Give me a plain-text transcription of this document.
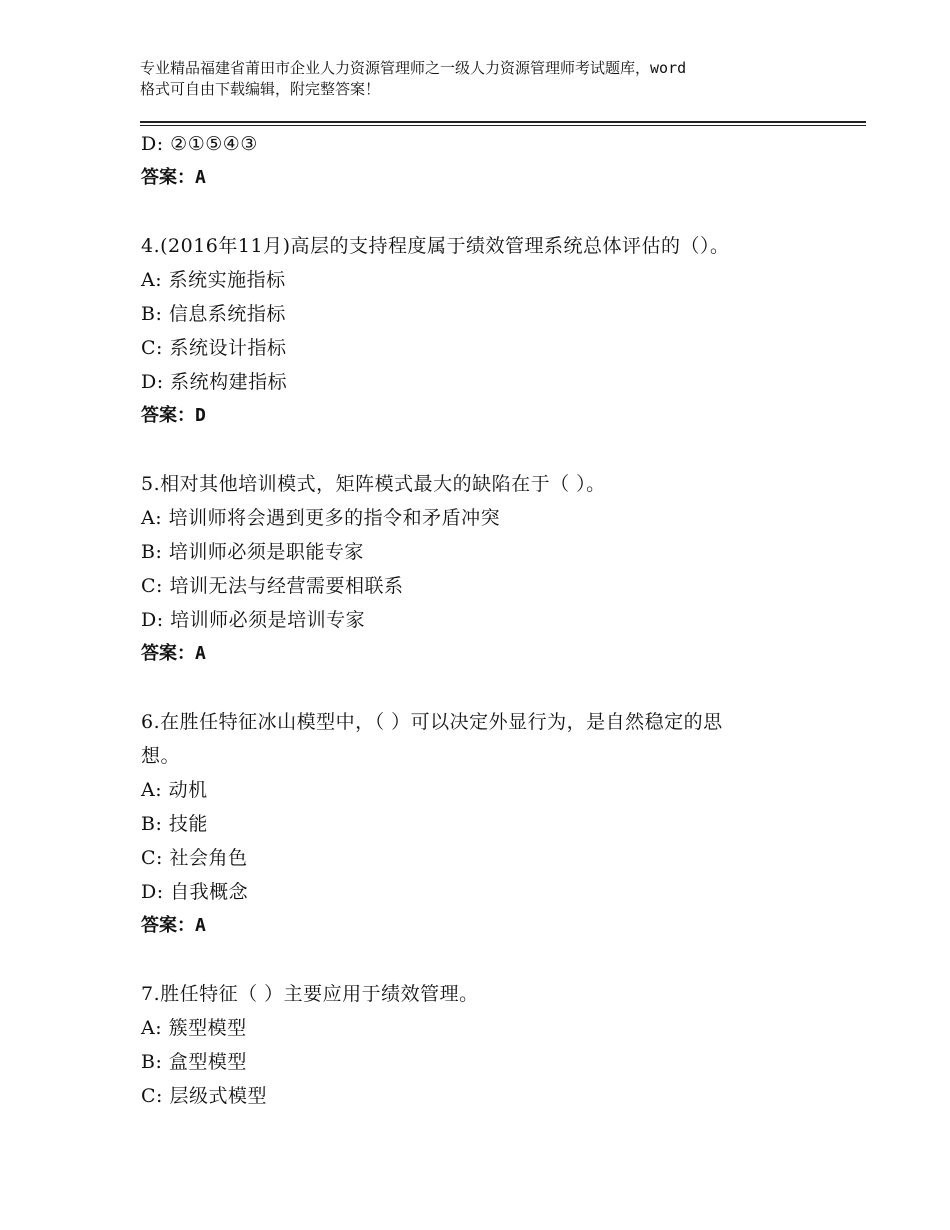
专业精品福建省莆田市企业人力资源管理师之一级人力资源管理师考试题库，word
格式可自由下载编辑，附完整答案！
D: ②①⑤④③
答案：A
4.(2016年11月)高层的支持程度属于绩效管理系统总体评估的（）。
A: 系统实施指标
B: 信息系统指标
C: 系统设计指标
D: 系统构建指标
答案：D
5.相对其他培训模式，矩阵模式最大的缺陷在于（ ）。
A: 培训师将会遇到更多的指令和矛盾冲突
B: 培训师必须是职能专家
C: 培训无法与经营需要相联系
D: 培训师必须是培训专家
答案：A
6.在胜任特征冰山模型中，（ ）可以决定外显行为，是自然稳定的思
想。
A: 动机
B: 技能
C: 社会角色
D: 自我概念
答案：A
7.胜任特征（ ）主要应用于绩效管理。
A: 簇型模型
B: 盒型模型
C: 层级式模型
